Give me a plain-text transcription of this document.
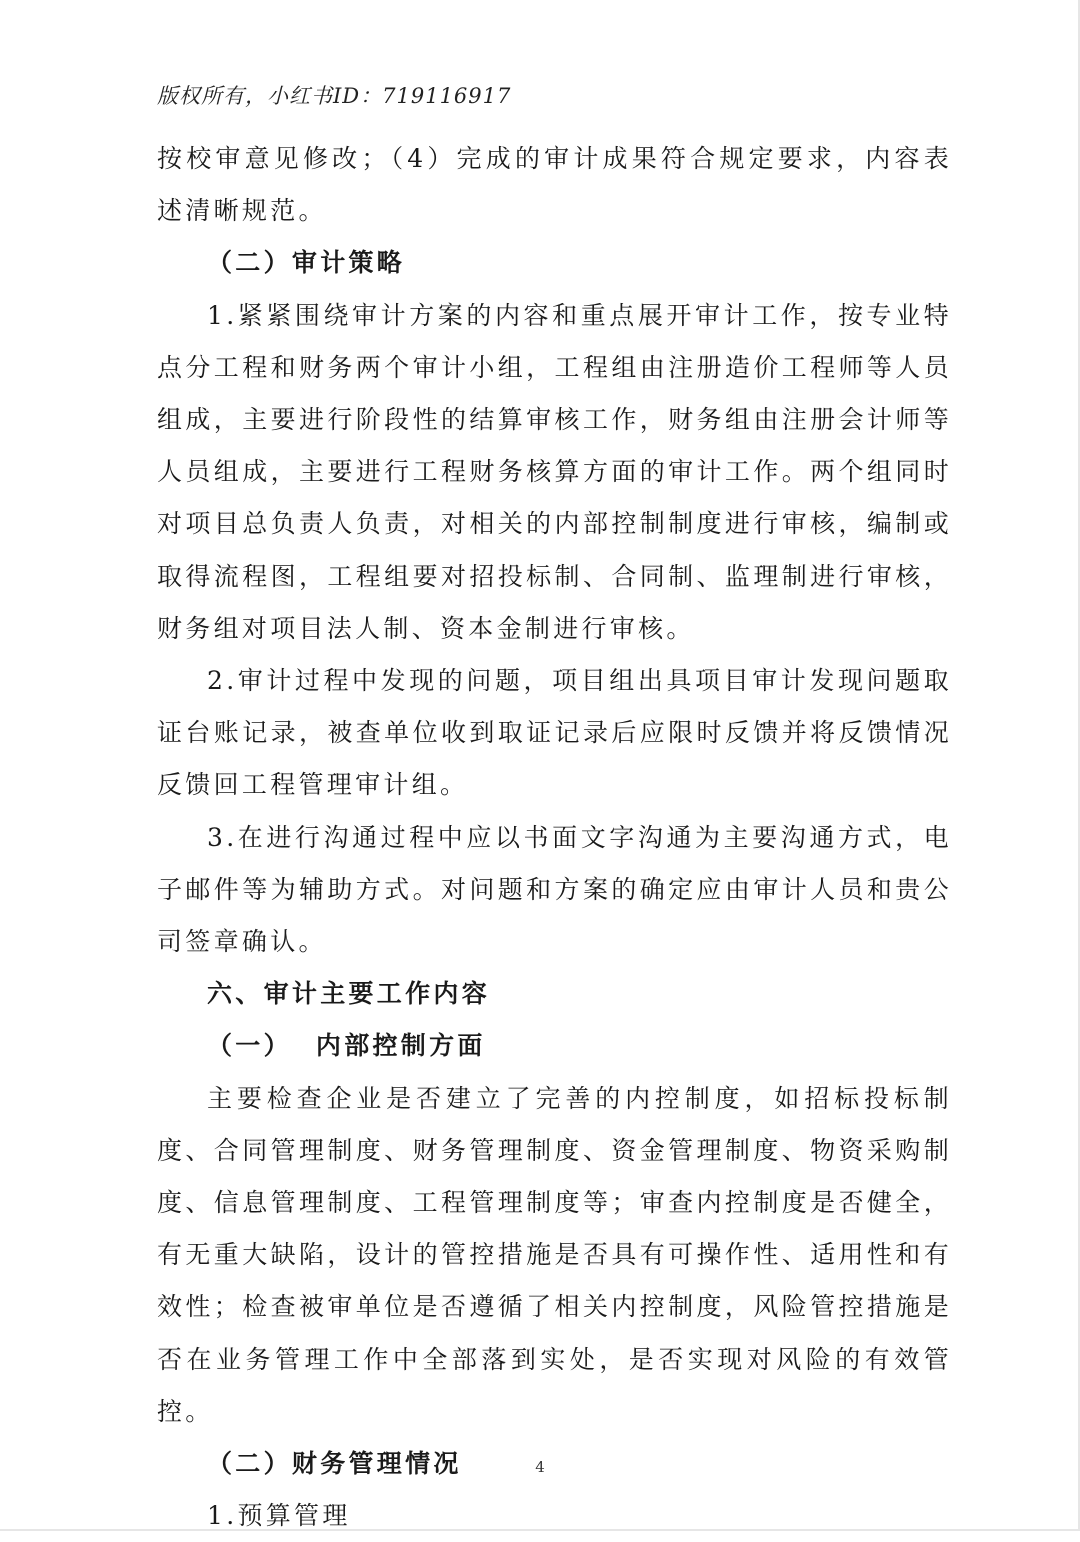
版权所有，小红书ID：719116917

按校审意见修改；（4）完成的审计成果符合规定要求，内容表述清晰规范。

（二）审计策略

1.紧紧围绕审计方案的内容和重点展开审计工作，按专业特点分工程和财务两个审计小组，工程组由注册造价工程师等人员组成，主要进行阶段性的结算审核工作，财务组由注册会计师等人员组成，主要进行工程财务核算方面的审计工作。两个组同时对项目总负责人负责，对相关的内部控制制度进行审核，编制或取得流程图，工程组要对招投标制、合同制、监理制进行审核，财务组对项目法人制、资本金制进行审核。

2.审计过程中发现的问题，项目组出具项目审计发现问题取证台账记录，被查单位收到取证记录后应限时反馈并将反馈情况反馈回工程管理审计组。

3.在进行沟通过程中应以书面文字沟通为主要沟通方式，电子邮件等为辅助方式。对问题和方案的确定应由审计人员和贵公司签章确认。

六、审计主要工作内容

（一）  内部控制方面

主要检查企业是否建立了完善的内控制度，如招标投标制度、合同管理制度、财务管理制度、资金管理制度、物资采购制度、信息管理制度、工程管理制度等；审查内控制度是否健全，有无重大缺陷，设计的管控措施是否具有可操作性、适用性和有效性；检查被审单位是否遵循了相关内控制度，风险管控措施是否在业务管理工作中全部落到实处，是否实现对风险的有效管控。

（二）财务管理情况

1.预算管理

4
